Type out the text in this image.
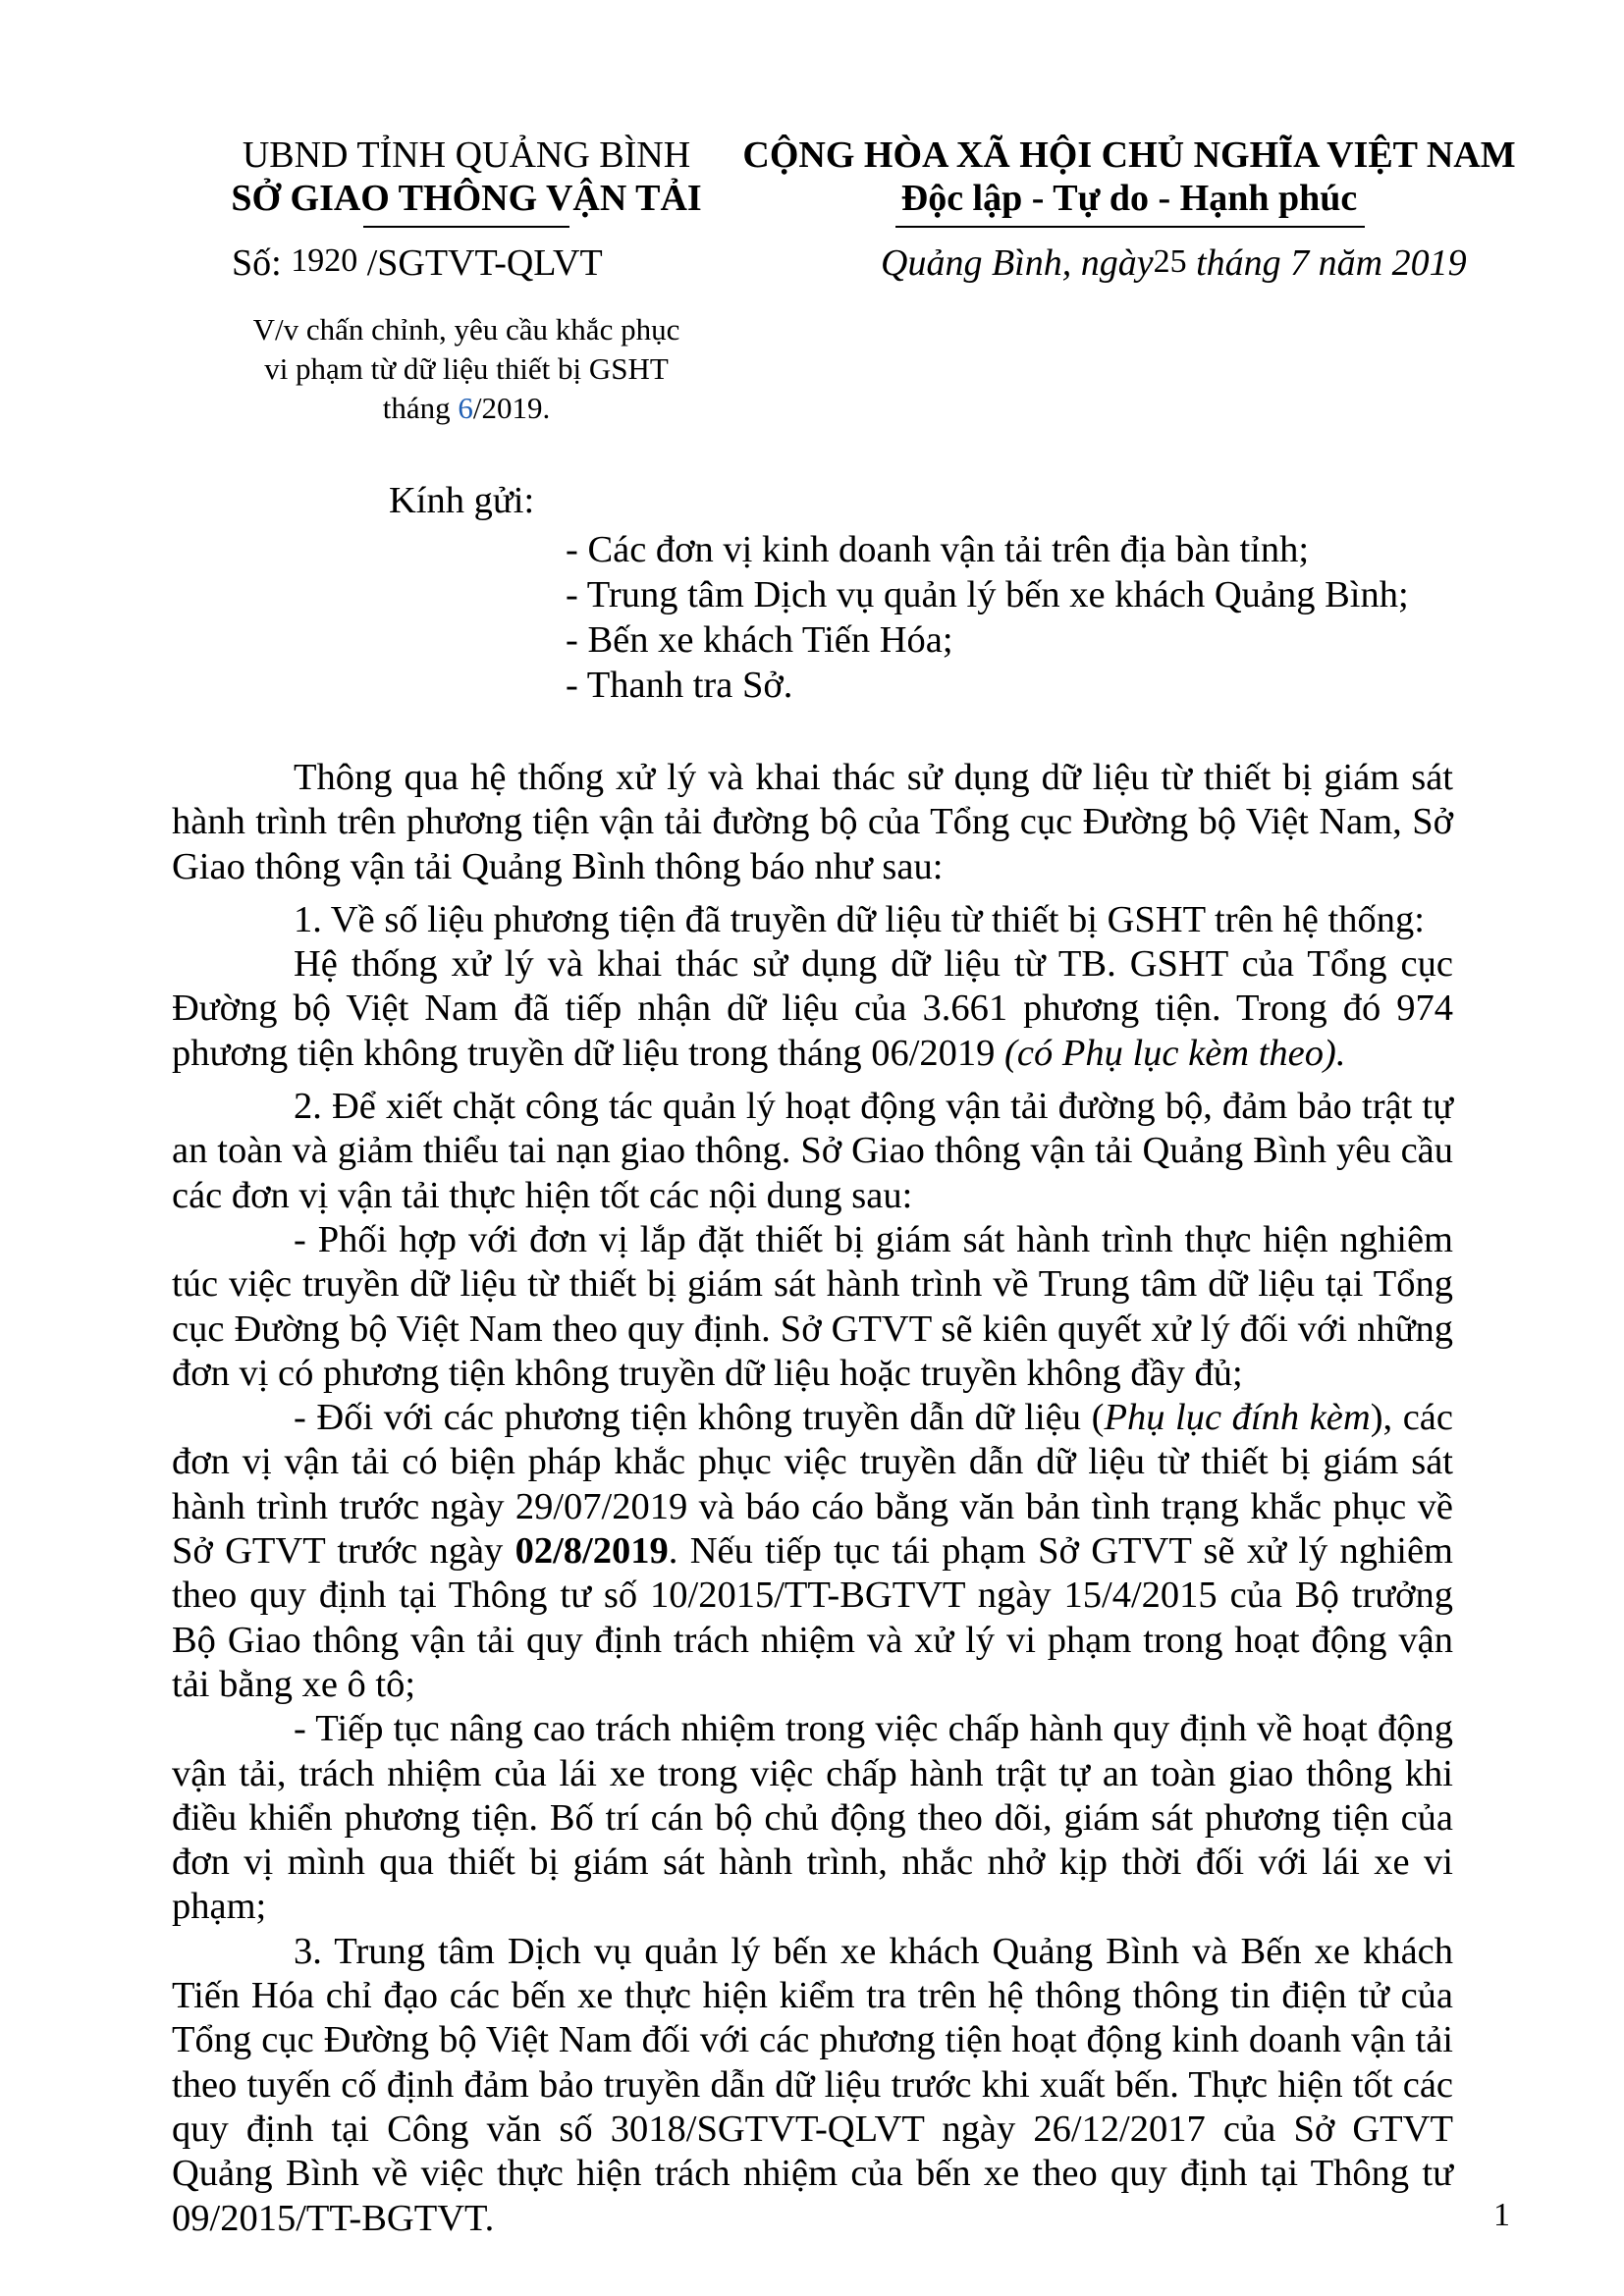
UBND TỈNH QUẢNG BÌNH
SỞ GIAO THÔNG VẬN TẢI
Số: 1920 /SGTVT-QLVT
V/v chấn chỉnh, yêu cầu khắc phục
vi phạm từ dữ liệu thiết bị GSHT
tháng 6/2019.
CỘNG HÒA XÃ HỘI CHỦ NGHĨA VIỆT NAM
Độc lập - Tự do - Hạnh phúc
Quảng Bình, ngày25 tháng 7 năm 2019
Kính gửi:
- Các đơn vị kinh doanh vận tải trên địa bàn tỉnh;
- Trung tâm Dịch vụ quản lý bến xe khách Quảng Bình;
- Bến xe khách Tiến Hóa;
- Thanh tra Sở.

Thông qua hệ thống xử lý và khai thác sử dụng dữ liệu từ thiết bị giám sát hành trình trên phương tiện vận tải đường bộ của Tổng cục Đường bộ Việt Nam, Sở Giao thông vận tải Quảng Bình thông báo như sau:

1. Về số liệu phương tiện đã truyền dữ liệu từ thiết bị GSHT trên hệ thống:

Hệ thống xử lý và khai thác sử dụng dữ liệu từ TB. GSHT của Tổng cục Đường bộ Việt Nam đã tiếp nhận dữ liệu của 3.661 phương tiện. Trong đó 974 phương tiện không truyền dữ liệu trong tháng 06/2019 (có Phụ lục kèm theo).

2. Để xiết chặt công tác quản lý hoạt động vận tải đường bộ, đảm bảo trật tự an toàn và giảm thiểu tai nạn giao thông. Sở Giao thông vận tải Quảng Bình yêu cầu các đơn vị vận tải thực hiện tốt các nội dung sau:

- Phối hợp với đơn vị lắp đặt thiết bị giám sát hành trình thực hiện nghiêm túc việc truyền dữ liệu từ thiết bị giám sát hành trình về Trung tâm dữ liệu tại Tổng cục Đường bộ Việt Nam theo quy định. Sở GTVT sẽ kiên quyết xử lý đối với những đơn vị có phương tiện không truyền dữ liệu hoặc truyền không đầy đủ;

- Đối với các phương tiện không truyền dẫn dữ liệu (Phụ lục đính kèm), các đơn vị vận tải có biện pháp khắc phục việc truyền dẫn dữ liệu từ thiết bị giám sát hành trình trước ngày 29/07/2019 và báo cáo bằng văn bản tình trạng khắc phục về Sở GTVT trước ngày 02/8/2019. Nếu tiếp tục tái phạm Sở GTVT sẽ xử lý nghiêm theo quy định tại Thông tư số 10/2015/TT-BGTVT ngày 15/4/2015 của Bộ trưởng Bộ Giao thông vận tải quy định trách nhiệm và xử lý vi phạm trong hoạt động vận tải bằng xe ô tô;

- Tiếp tục nâng cao trách nhiệm trong việc chấp hành quy định về hoạt động vận tải, trách nhiệm của lái xe trong việc chấp hành trật tự an toàn giao thông khi điều khiển phương tiện. Bố trí cán bộ chủ động theo dõi, giám sát phương tiện của đơn vị mình qua thiết bị giám sát hành trình, nhắc nhở kịp thời đối với lái xe vi phạm;

3. Trung tâm Dịch vụ quản lý bến xe khách Quảng Bình và Bến xe khách Tiến Hóa chỉ đạo các bến xe thực hiện kiểm tra trên hệ thông thông tin điện tử của Tổng cục Đường bộ Việt Nam đối với các phương tiện hoạt động kinh doanh vận tải theo tuyến cố định đảm bảo truyền dẫn dữ liệu trước khi xuất bến. Thực hiện tốt các quy định tại Công văn số 3018/SGTVT-QLVT ngày 26/12/2017 của Sở GTVT Quảng Bình về việc thực hiện trách nhiệm của bến xe theo quy định tại Thông tư 09/2015/TT-BGTVT.	1
